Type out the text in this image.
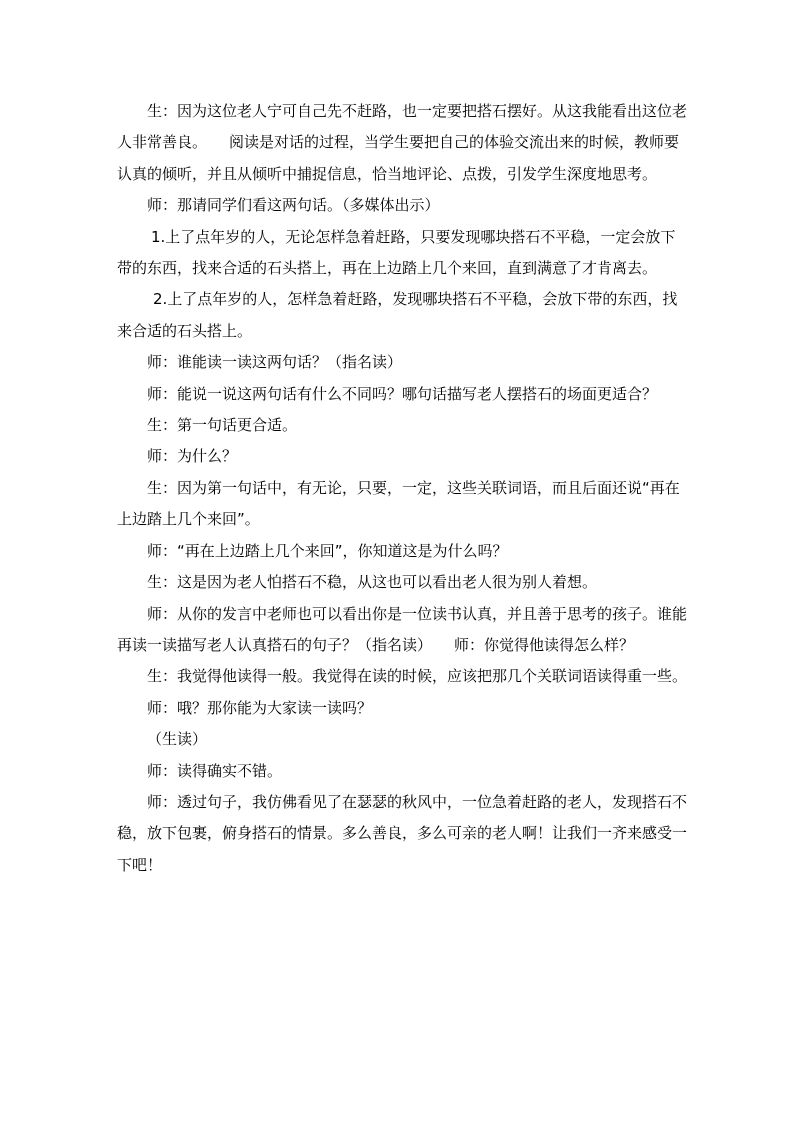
生：因为这位老人宁可自己先不赶路，也一定要把搭石摆好。从这我能看出这位老人非常善良。 阅读是对话的过程，当学生要把自己的体验交流出来的时候，教师要认真的倾听，并且从倾听中捕捉信息，恰当地评论、点拨，引发学生深度地思考。

师：那请同学们看这两句话。（多媒体出示）

1.上了点年岁的人，无论怎样急着赶路，只要发现哪块搭石不平稳，一定会放下带的东西，找来合适的石头搭上，再在上边踏上几个来回，直到满意了才肯离去。

2.上了点年岁的人，怎样急着赶路，发现哪块搭石不平稳，会放下带的东西，找来合适的石头搭上。

师：谁能读一读这两句话？（指名读）

师：能说一说这两句话有什么不同吗？哪句话描写老人摆搭石的场面更适合？

生：第一句话更合适。

师：为什么？

生：因为第一句话中，有无论，只要，一定，这些关联词语，而且后面还说“再在上边踏上几个来回”。

师：“再在上边踏上几个来回”，你知道这是为什么吗？

生：这是因为老人怕搭石不稳，从这也可以看出老人很为别人着想。

师：从你的发言中老师也可以看出你是一位读书认真，并且善于思考的孩子。谁能再读一读描写老人认真搭石的句子？（指名读） 师：你觉得他读得怎么样？

生：我觉得他读得一般。我觉得在读的时候，应该把那几个关联词语读得重一些。

师：哦？那你能为大家读一读吗？

（生读）

师：读得确实不错。

师：透过句子，我仿佛看见了在瑟瑟的秋风中，一位急着赶路的老人，发现搭石不稳，放下包裹，俯身搭石的情景。多么善良，多么可亲的老人啊！让我们一齐来感受一下吧！
